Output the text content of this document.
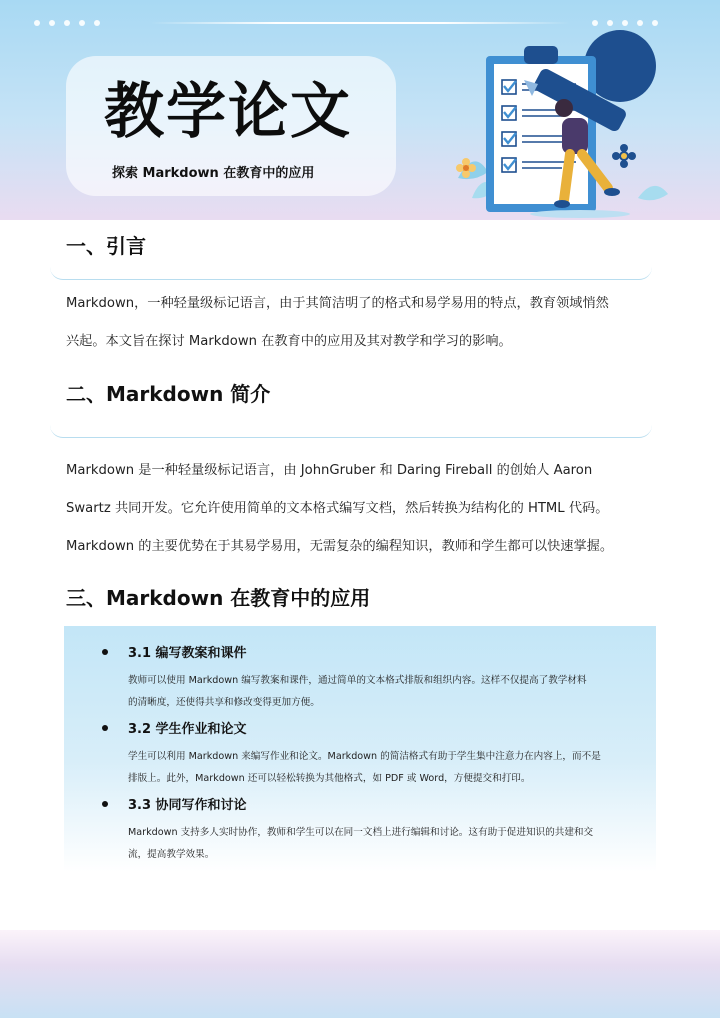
教学论文
探索 Markdown 在教育中的应用
一、引言
Markdown，一种轻量级标记语言，由于其简洁明了的格式和易学易用的特点，教育领域悄然
兴起。本文旨在探讨 Markdown 在教育中的应用及其对教学和学习的影响。
二、Markdown 简介
Markdown 是一种轻量级标记语言，由 JohnGruber 和 Daring Fireball 的创始人 Aaron
Swartz 共同开发。它允许使用简单的文本格式编写文档，然后转换为结构化的 HTML 代码。
Markdown 的主要优势在于其易学易用，无需复杂的编程知识，教师和学生都可以快速掌握。
三、Markdown 在教育中的应用
3.1 编写教案和课件
教师可以使用 Markdown 编写教案和课件，通过简单的文本格式排版和组织内容。这样不仅提高了教学材料
的清晰度，还使得共享和修改变得更加方便。
3.2 学生作业和论文
学生可以利用 Markdown 来编写作业和论文。Markdown 的简洁格式有助于学生集中注意力在内容上，而不是
排版上。此外，Markdown 还可以轻松转换为其他格式，如 PDF 或 Word，方便提交和打印。
3.3 协同写作和讨论
Markdown 支持多人实时协作，教师和学生可以在同一文档上进行编辑和讨论。这有助于促进知识的共建和交
流，提高教学效果。
